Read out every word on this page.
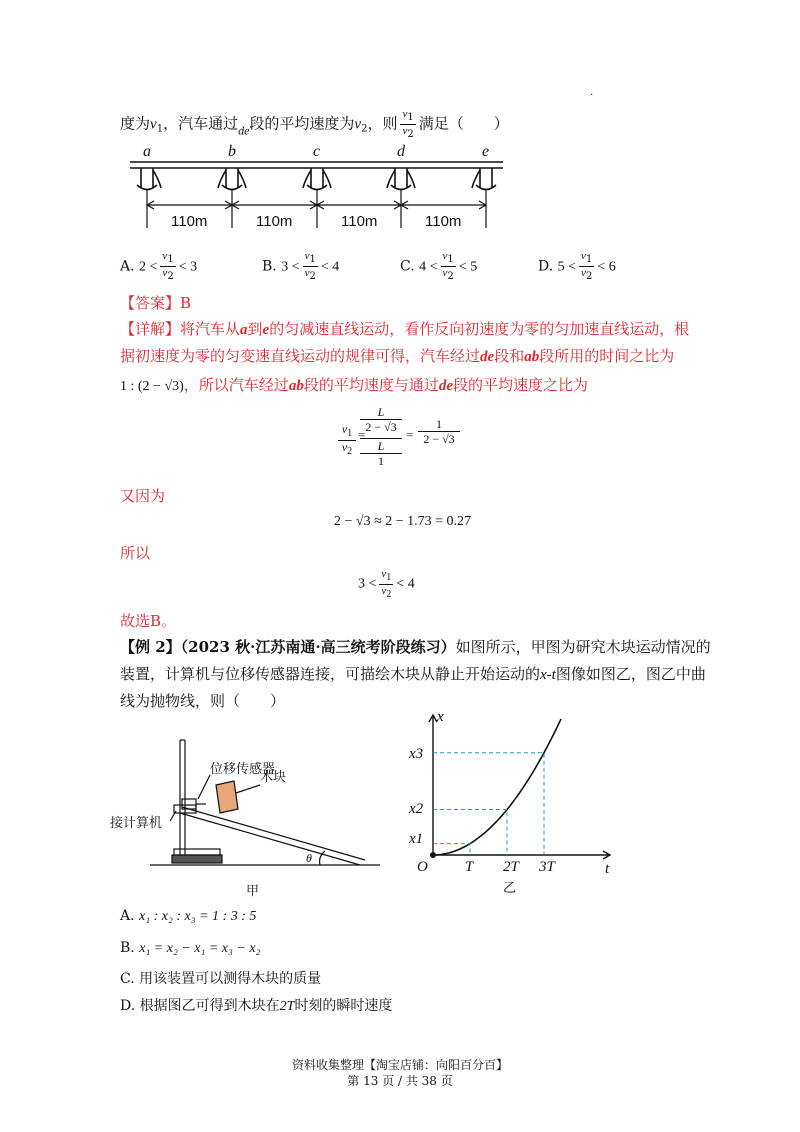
.
度为$v_1$，汽车通过$_{de}$段的平均速度为$v_2$，则 $\frac{v1}{v2}$ 满足（　　）
a	b	c	d	e
110m	110m	110m	110m
A. $2 < \frac{v1}{v2} < 3$	B. $3 < \frac{v1}{v2} < 4$	C. $4 < \frac{v1}{v2} < 5$	D. $5 < \frac{v1}{v2} < 6$
【答案】B
【详解】将汽车从a到e的匀减速直线运动，看作反向初速度为零的匀加速直线运动，根
据初速度为零的匀变速直线运动的规律可得，汽车经过de段和ab段所用的时间之比为
1 : (2 − √3)，所以汽车经过ab段的平均速度与通过de段的平均速度之比为
$v_1$
$v_2$
L
2 − √3
L
1
=	=
1
2 − √3
又因为
2 − √3 ≈ 2 − 1.73 = 0.27
所以
$3 < \frac{v1}{v2} < 4$
故选B。
【例 2】（2023 秋·江苏南通·高三统考阶段练习）如图所示，甲图为研究木块运动情况的
装置，计算机与位移传感器连接，可描绘木块从静止开始运动的x-t图像如图乙，图乙中曲
线为抛物线，则（　　）
位移传感器
木块
接计算机
θ
甲
x
t
O T 2T 3T
x1
x2
x3
乙
A. x₁ : x₂ : x₃ = 1 : 3 : 5
B. x₁ = x₂ − x₁ = x₃ − x₂
C. 用该装置可以测得木块的质量
D. 根据图乙可得到木块在2T时刻的瞬时速度
资料收集整理【淘宝店铺：向阳百分百】
第 13 页 / 共 38 页
